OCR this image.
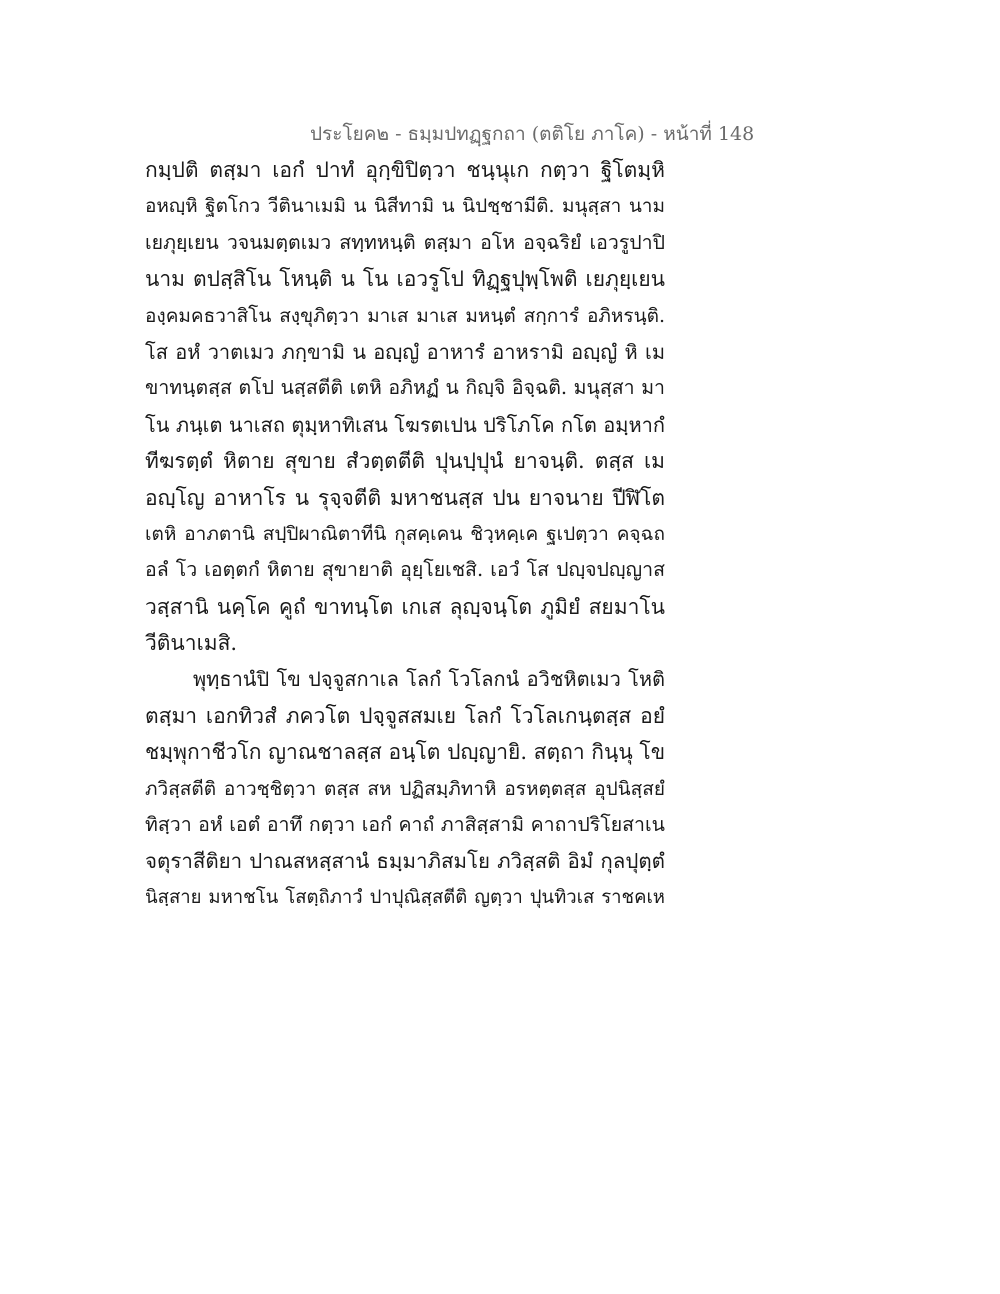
ประโยค๒ - ธมฺมปทฏฺฐกถา (ตติโย ภาโค) - หน้าที่ 148
กมฺปติ ตสฺมา เอกํ ปาทํ อุกฺขิปิตฺวา ชนฺนุเก กตฺวา ฐิโตมฺหิ
อหญฺหิ ฐิตโกว วีตินาเมมิ น นิสีทามิ น นิปชฺชามีติ. มนุสฺสา นาม
เยภุยฺเยน วจนมตฺตเมว สทฺทหนฺติ ตสฺมา อโห อจฺฉริยํ เอวรูปาปิ
นาม ตปสฺสิโน โหนฺติ น โน เอวรูโป ทิฏฺฐปุพฺโพติ เยภุยฺเยน
องฺคมคธวาสิโน สงฺขุภิตฺวา มาเส มาเส มหนฺตํ สกฺการํ อภิหรนฺติ.
โส อหํ วาตเมว ภกฺขามิ น อญฺญํ อาหารํ อาหรามิ อญฺญํ หิ เม
ขาทนฺตสฺส ตโป นสฺสตีติ เตหิ อภิหฏํ น กิญฺจิ อิจฺฉติ. มนุสฺสา มา
โน ภนฺเต นาเสถ ตุมฺหาทิเสน โฆรตเปน ปริโภโค กโต อมฺหากํ
ทีฆรตฺตํ หิตาย สุขาย สํวตฺตตีติ ปุนปฺปุนํ ยาจนฺติ. ตสฺส เม
อญฺโญ อาหาโร น รุจฺจตีติ มหาชนสฺส ปน ยาจนาย ปีฬิโต
เตหิ อาภตานิ สปฺปิผาณิตาทีนิ กุสคฺเคน ชิวฺหคฺเค ฐเปตฺวา คจฺฉถ
อลํ โว เอตฺตกํ หิตาย สุขายาติ อุยฺโยเชสิ. เอวํ โส ปญฺจปญฺญาส
วสฺสานิ นคฺโค คูถํ ขาทนฺโต เกเส ลุญฺจนฺโต ภูมิยํ สยมาโน
วีตินาเมสิ.
พุทฺธานํปิ โข ปจฺจูสกาเล โลกํ โวโลกนํ อวิชหิตเมว โหติ
ตสฺมา เอกทิวสํ ภควโต ปจฺจูสสมเย โลกํ โวโลเกนฺตสฺส อยํ
ชมฺพุกาชีวโก ญาณชาลสฺส อนฺโต ปญฺญายิ. สตฺถา กินฺนุ โข
ภวิสฺสตีติ อาวชฺชิตฺวา ตสฺส สห ปฏิสมฺภิทาหิ อรหตฺตสฺส อุปนิสฺสยํ
ทิสฺวา อหํ เอตํ อาทึ กตฺวา เอกํ คาถํ ภาสิสฺสามิ คาถาปริโยสาเน
จตุราสีติยา ปาณสหสฺสานํ ธมฺมาภิสมโย ภวิสฺสติ อิมํ กุลปุตฺตํ
นิสฺสาย มหาชโน โสตฺถิภาวํ ปาปุณิสฺสตีติ ญตฺวา ปุนทิวเส ราชคเห
